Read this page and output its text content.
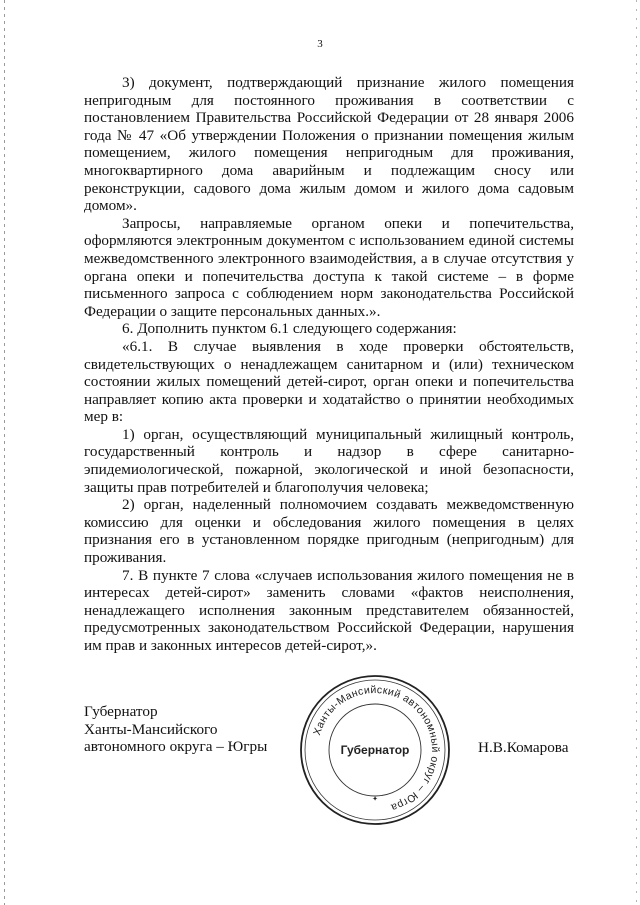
3

3) документ, подтверждающий признание жилого помещения непригодным для постоянного проживания в соответствии с постановлением Правительства Российской Федерации от 28 января 2006 года № 47 «Об утверждении Положения о признании помещения жилым помещением, жилого помещения непригодным для проживания, многоквартирного дома аварийным и подлежащим сносу или реконструкции, садового дома жилым домом и жилого дома садовым домом».

Запросы, направляемые органом опеки и попечительства, оформляются электронным документом с использованием единой системы межведомственного электронного взаимодействия, а в случае отсутствия у органа опеки и попечительства доступа к такой системе – в форме письменного запроса с соблюдением норм законодательства Российской Федерации о защите персональных данных.».

6. Дополнить пунктом 6.1 следующего содержания:

«6.1. В случае выявления в ходе проверки обстоятельств, свидетельствующих о ненадлежащем санитарном и (или) техническом состоянии жилых помещений детей-сирот, орган опеки и попечительства направляет копию акта проверки и ходатайство о принятии необходимых мер в:

1) орган, осуществляющий муниципальный жилищный контроль, государственный контроль и надзор в сфере санитарно-эпидемиологической, пожарной, экологической и иной безопасности, защиты прав потребителей и благополучия человека;

2) орган, наделенный полномочием создавать межведомственную комиссию для оценки и обследования жилого помещения в целях признания его в установленном порядке пригодным (непригодным) для проживания.

7. В пункте 7 слова «случаев использования жилого помещения не в интересах детей-сирот» заменить словами «фактов неисполнения, ненадлежащего исполнения законным представителем обязанностей, предусмотренных законодательством Российской Федерации, нарушения им прав и законных интересов детей-сирот,».

Губернатор
Ханты-Мансийского
автономного округа – Югры	Н.В.Комарова
Ханты-Мансийский автономный округ – Югра
Губернатор
✦
